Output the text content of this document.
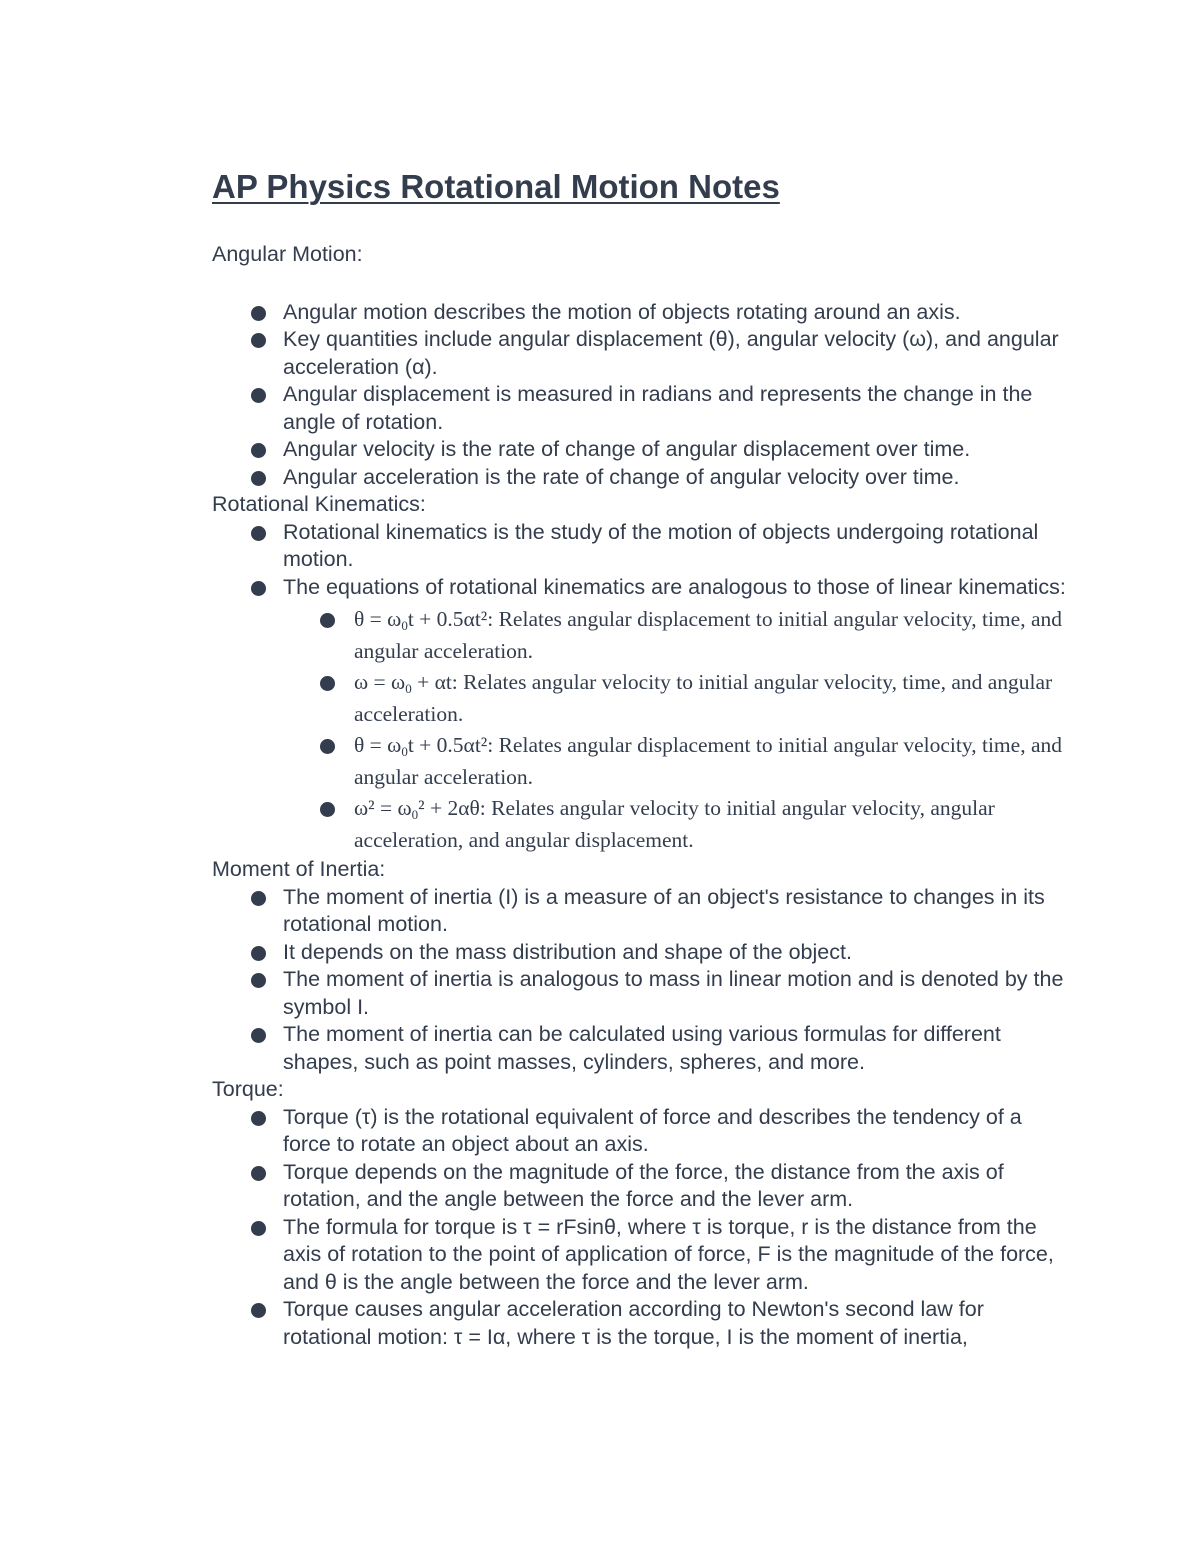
AP Physics Rotational Motion Notes

Angular Motion:

Angular motion describes the motion of objects rotating around an axis.
Key quantities include angular displacement (θ), angular velocity (ω), and angular acceleration (α).
Angular displacement is measured in radians and represents the change in the angle of rotation.
Angular velocity is the rate of change of angular displacement over time.
Angular acceleration is the rate of change of angular velocity over time.

Rotational Kinematics:

Rotational kinematics is the study of the motion of objects undergoing rotational motion.
The equations of rotational kinematics are analogous to those of linear kinematics:
$\theta = \omega_0t + 0.5\alpha t^2$: Relates angular displacement to initial angular velocity, time, and angular acceleration.
$\omega = \omega_0 + \alpha t$: Relates angular velocity to initial angular velocity, time, and angular acceleration.
$\theta = \omega_0t + 0.5\alpha t^2$: Relates angular displacement to initial angular velocity, time, and angular acceleration.
$\omega^2 = \omega_0^2 + 2\alpha\theta$: Relates angular velocity to initial angular velocity, angular acceleration, and angular displacement.

Moment of Inertia:

The moment of inertia (I) is a measure of an object's resistance to changes in its rotational motion.
It depends on the mass distribution and shape of the object.
The moment of inertia is analogous to mass in linear motion and is denoted by the symbol I.
The moment of inertia can be calculated using various formulas for different shapes, such as point masses, cylinders, spheres, and more.

Torque:

Torque (τ) is the rotational equivalent of force and describes the tendency of a force to rotate an object about an axis.
Torque depends on the magnitude of the force, the distance from the axis of rotation, and the angle between the force and the lever arm.
The formula for torque is τ = rFsinθ, where τ is torque, r is the distance from the axis of rotation to the point of application of force, F is the magnitude of the force, and θ is the angle between the force and the lever arm.
Torque causes angular acceleration according to Newton's second law for rotational motion: τ = Iα, where τ is the torque, I is the moment of inertia,
